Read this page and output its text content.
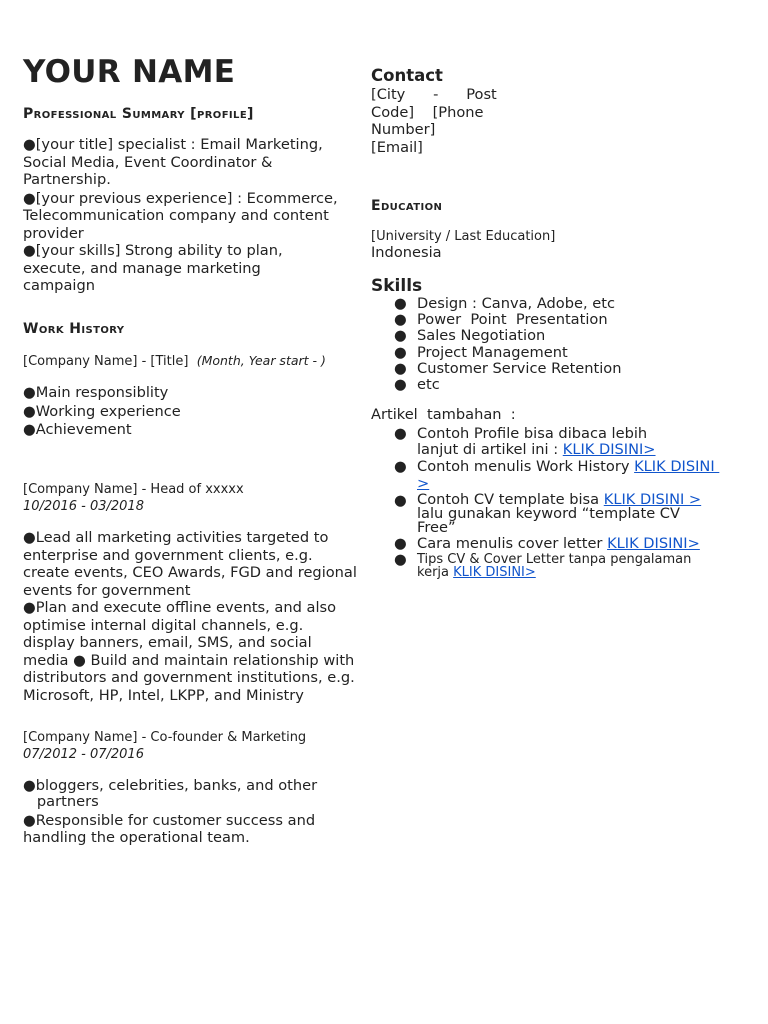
YOUR NAME
Professional Summary [profile]
●[your title] specialist : Email Marketing,
Social Media, Event Coordinator &
Partnership.
●[your previous experience] : Ecommerce,
Telecommunication company and content
provider
●[your skills] Strong ability to plan,
execute, and manage marketing
campaign
Work History
[Company Name] - [Title] (Month, Year start - )
●Main responsiblity
●Working experience
●Achievement
[Company Name] - Head of xxxxx
10/2016 - 03/2018
●Lead all marketing activities targeted to
enterprise and government clients, e.g.
create events, CEO Awards, FGD and regional
events for government
●Plan and execute offline events, and also
optimise internal digital channels, e.g.
display banners, email, SMS, and social
media ● Build and maintain relationship with
distributors and government institutions, e.g.
Microsoft, HP, Intel, LKPP, and Ministry
[Company Name] - Co-founder & Marketing
07/2012 - 07/2016
●bloggers, celebrities, banks, and other
partners
●Responsible for customer success and
handling the operational team.
Contact
[City      -      Post
Code]    [Phone
Number]
[Email]
Education
[University / Last Education]
Indonesia
Skills
● Design : Canva, Adobe, etc
● Power  Point  Presentation
● Sales Negotiation
● Project Management
● Customer Service Retention
● etc
Artikel  tambahan  :
● Contoh Profile bisa dibaca lebih
lanjut di artikel ini : KLIK DISINI>
● Contoh menulis Work History KLIK DISINI
>
● Contoh CV template bisa KLIK DISINI >
lalu gunakan keyword “template CV
Free”
● Cara menulis cover letter KLIK DISINI>
● Tips CV & Cover Letter tanpa pengalaman
kerja KLIK DISINI>
